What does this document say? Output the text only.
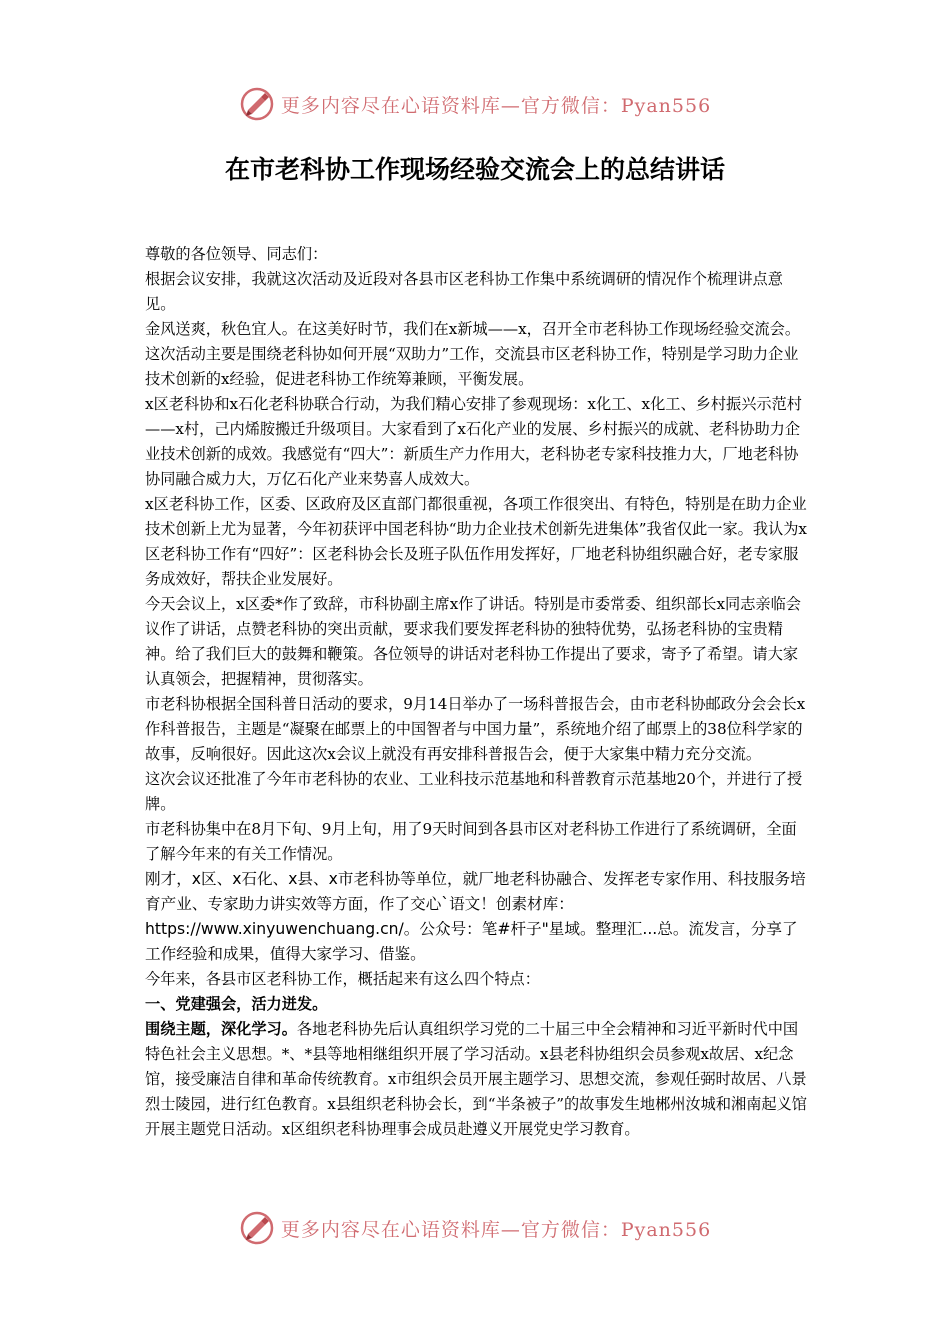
更多内容尽在心语资料库—官方微信：Pyan556
在市老科协工作现场经验交流会上的总结讲话

尊敬的各位领导、同志们：

根据会议安排，我就这次活动及近段对各县市区老科协工作集中系统调研的情况作个梳理讲点意见。

金风送爽，秋色宜人。在这美好时节，我们在x新城——x，召开全市老科协工作现场经验交流会。这次活动主要是围绕老科协如何开展“双助力”工作，交流县市区老科协工作，特别是学习助力企业技术创新的x经验，促进老科协工作统筹兼顾，平衡发展。

x区老科协和x石化老科协联合行动，为我们精心安排了参观现场：x化工、x化工、乡村振兴示范村——x村，己内烯胺搬迁升级项目。大家看到了x石化产业的发展、乡村振兴的成就、老科协助力企业技术创新的成效。我感觉有“四大”：新质生产力作用大，老科协老专家科技推力大，厂地老科协协同融合威力大，万亿石化产业来势喜人成效大。

x区老科协工作，区委、区政府及区直部门都很重视，各项工作很突出、有特色，特别是在助力企业技术创新上尤为显著，今年初获评中国老科协“助力企业技术创新先进集体”我省仅此一家。我认为x区老科协工作有“四好”：区老科协会长及班子队伍作用发挥好，厂地老科协组织融合好，老专家服务成效好，帮扶企业发展好。

今天会议上，x区委*作了致辞，市科协副主席x作了讲话。特别是市委常委、组织部长x同志亲临会议作了讲话，点赞老科协的突出贡献，要求我们要发挥老科协的独特优势，弘扬老科协的宝贵精神。给了我们巨大的鼓舞和鞭策。各位领导的讲话对老科协工作提出了要求，寄予了希望。请大家认真领会，把握精神，贯彻落实。

市老科协根据全国科普日活动的要求，9月14日举办了一场科普报告会，由市老科协邮政分会会长x作科普报告，主题是“凝聚在邮票上的中国智者与中国力量”，系统地介绍了邮票上的38位科学家的故事，反响很好。因此这次x会议上就没有再安排科普报告会，便于大家集中精力充分交流。

这次会议还批准了今年市老科协的农业、工业科技示范基地和科普教育示范基地20个，并进行了授牌。

市老科协集中在8月下旬、9月上旬，用了9天时间到各县市区对老科协工作进行了系统调研，全面了解今年来的有关工作情况。

刚才，x区、x石化、x县、x市老科协等单位，就厂地老科协融合、发挥老专家作用、科技服务培育产业、专家助力讲实效等方面，作了交心`语文！创素材库：https://www.xinyuwenchuang.cn/。公众号：笔#杆子"星域。整理汇...总。流发言，分享了工作经验和成果，值得大家学习、借鉴。

今年来，各县市区老科协工作，概括起来有这么四个特点：

一、党建强会，活力迸发。

围绕主题，深化学习。各地老科协先后认真组织学习党的二十届三中全会精神和习近平新时代中国特色社会主义思想。*、*县等地相继组织开展了学习活动。x县老科协组织会员参观x故居、x纪念馆，接受廉洁自律和革命传统教育。x市组织会员开展主题学习、思想交流，参观任弼时故居、八景烈士陵园，进行红色教育。x县组织老科协会长，到“半条被子”的故事发生地郴州汝城和湘南起义馆开展主题党日活动。x区组织老科协理事会成员赴遵义开展党史学习教育。

更多内容尽在心语资料库—官方微信：Pyan556
